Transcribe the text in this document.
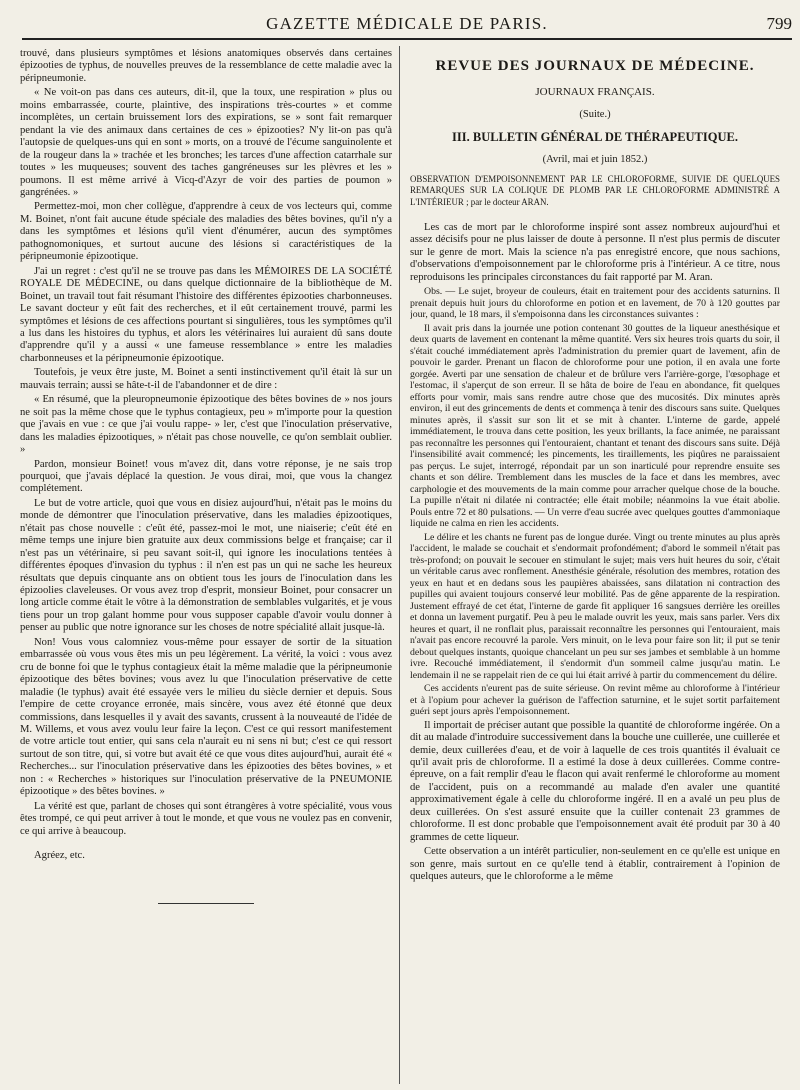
GAZETTE MÉDICALE DE PARIS.	799

trouvé, dans plusieurs symptômes et lésions anatomiques observés dans certaines épizooties de typhus, de nouvelles preuves de la ressemblance de cette maladie avec la péripneumonie.

« Ne voit-on pas dans ces auteurs, dit-il, que la toux, une respiration » plus ou moins embarrassée, courte, plaintive, des inspirations très-courtes » et comme incomplètes, un certain bruissement lors des expirations, se » sont fait remarquer pendant la vie des animaux dans certaines de ces » épizooties? N'y lit-on pas qu'à l'autopsie de quelques-uns qui en sont » morts, on a trouvé de l'écume sanguinolente et de la rougeur dans la » trachée et les bronches; les tarces d'une affection catarrhale sur toutes » les muqueuses; souvent des taches gangréneuses sur les plèvres et les » poumons. Il est même arrivé à Vicq-d'Azyr de voir des parties de poumon » gangrénées. »

Permettez-moi, mon cher collègue, d'apprendre à ceux de vos lecteurs qui, comme M. Boinet, n'ont fait aucune étude spéciale des maladies des bêtes bovines, qu'il n'y a dans les symptômes et lésions qu'il vient d'énumérer, aucun des symptômes pathognomoniques, et surtout aucune des lésions si caractéristiques de la péripneumonie épizootique.

J'ai un regret : c'est qu'il ne se trouve pas dans les MÉMOIRES DE LA SOCIÉTÉ ROYALE DE MÉDECINE, ou dans quelque dictionnaire de la bibliothèque de M. Boinet, un travail tout fait résumant l'histoire des différentes épizooties charbonneuses. Le savant docteur y eût fait des recherches, et il eût certainement trouvé, parmi les symptômes et lésions de ces affections pourtant si singulières, tous les symptômes qu'il a lus dans les histoires du typhus, et alors les vétérinaires lui auraient dû sans doute d'apprendre qu'il y a aussi « une fameuse ressemblance » entre les maladies charbonneuses et la péripneumonie épizootique.

Toutefois, je veux être juste, M. Boinet a senti instinctivement qu'il était là sur un mauvais terrain; aussi se hâte-t-il de l'abandonner et de dire :

« En résumé, que la pleuropneumonie épizootique des bêtes bovines de » nos jours ne soit pas la même chose que le typhus contagieux, peu » m'importe pour la question que j'avais en vue : ce que j'ai voulu rappe- » ler, c'est que l'inoculation préservative, dans les maladies épizootiques, » n'était pas chose nouvelle, ce qu'on semblait oublier. »

Pardon, monsieur Boinet! vous m'avez dit, dans votre réponse, je ne sais trop pourquoi, que j'avais déplacé la question. Je vous dirai, moi, que vous la changez complétement.

Le but de votre article, quoi que vous en disiez aujourd'hui, n'était pas le moins du monde de démontrer que l'inoculation préservative, dans les maladies épizootiques, n'était pas chose nouvelle : c'eût été, passez-moi le mot, une niaiserie; c'eût été en même temps une injure bien gratuite aux deux commissions belge et française; car il n'est pas un vétérinaire, si peu savant soit-il, qui ignore les inoculations tentées à différentes époques d'invasion du typhus : il n'en est pas un qui ne sache les heureux résultats que depuis cinquante ans on obtient tous les jours de l'inoculation dans les épizoolies claveleuses. Or vous avez trop d'esprit, monsieur Boinet, pour consacrer un long article comme était le vôtre à la démonstration de semblables vulgarités, et je vous tiens pour un trop galant homme pour vous supposer capable d'avoir voulu donner à penser au public que notre ignorance sur les choses de notre spécialité allait jusque-là.

Non! Vous vous calomniez vous-même pour essayer de sortir de la situation embarrassée où vous vous êtes mis un peu légèrement. La vérité, la voici : vous avez cru de bonne foi que le typhus contagieux était la même maladie que la péripneumonie épizootique des bêtes bovines; vous avez lu que l'inoculation préservative de cette maladie (le typhus) avait été essayée vers le milieu du siècle dernier et depuis. Sous l'empire de cette croyance erronée, mais sincère, vous avez été étonné que deux commissions, dans lesquelles il y avait des savants, crussent à la nouveauté de l'idée de M. Willems, et vous avez voulu leur faire la leçon. C'est ce qui ressort manifestement de votre article tout entier, qui sans cela n'aurait eu ni sens ni but; c'est ce qui ressort surtout de son titre, qui, si votre but avait été ce que vous dites aujourd'hui, aurait été « Recherches... sur l'inoculation préservative dans les épizooties des bêtes bovines, » et non : « Recherches » historiques sur l'inoculation préservative de la PNEUMONIE épizootique » des bêtes bovines. »

La vérité est que, parlant de choses qui sont étrangères à votre spécialité, vous vous êtes trompé, ce qui peut arriver à tout le monde, et que vous ne voulez pas en convenir, ce qui arrive à beaucoup.

Agréez, etc.

REVUE DES JOURNAUX DE MÉDECINE.
JOURNAUX FRANÇAIS.
(Suite.)
III. BULLETIN GÉNÉRAL DE THÉRAPEUTIQUE.
(Avril, mai et juin 1852.)
OBSERVATION D'EMPOISONNEMENT PAR LE CHLOROFORME, SUIVIE DE QUELQUES REMARQUES SUR LA COLIQUE DE PLOMB PAR LE CHLOROFORME ADMINISTRÉ A L'INTÉRIEUR ; par le docteur ARAN.

Les cas de mort par le chloroforme inspiré sont assez nombreux aujourd'hui et assez décisifs pour ne plus laisser de doute à personne. Il n'est plus permis de discuter sur le genre de mort. Mais la science n'a pas enregistré encore, que nous sachions, d'observations d'empoisonnement par le chloroforme pris à l'intérieur. A ce titre, nous reproduisons les principales circonstances du fait rapporté par M. Aran.

Obs. — Le sujet, broyeur de couleurs, était en traitement pour des accidents saturnins. Il prenait depuis huit jours du chloroforme en potion et en lavement, de 70 à 120 gouttes par jour, quand, le 18 mars, il s'empoisonna dans les circonstances suivantes :

Il avait pris dans la journée une potion contenant 30 gouttes de la liqueur anesthésique et deux quarts de lavement en contenant la même quantité. Vers six heures trois quarts du soir, il s'était couché immédiatement après l'administration du premier quart de lavement, afin de pouvoir le garder. Prenant un flacon de chloroforme pour une potion, il en avala une forte gorgée. Averti par une sensation de chaleur et de brûlure vers l'arrière-gorge, l'œsophage et l'estomac, il s'aperçut de son erreur. Il se hâta de boire de l'eau en abondance, fit quelques efforts pour vomir, mais sans rendre autre chose que des mucosités. Dix minutes après environ, il eut des grincements de dents et commença à tenir des discours sans suite. Quelques minutes après, il s'assit sur son lit et se mit à chanter. L'interne de garde, appelé immédiatement, le trouva dans cette position, les yeux brillants, la face animée, ne paraissant pas reconnaître les personnes qui l'entouraient, chantant et tenant des discours sans suite. Déjà l'insensibilité avait commencé; les pincements, les tiraillements, les piqûres ne paraissaient pas perçus. Le sujet, interrogé, répondait par un son inarticulé pour reprendre ensuite ses chants et son délire. Tremblement dans les muscles de la face et dans les membres, avec carphologie et des mouvements de la main comme pour arracher quelque chose de la bouche. La pupille n'était ni dilatée ni contractée; elle était mobile; néanmoins la vue était abolie. Pouls entre 72 et 80 pulsations. — Un verre d'eau sucrée avec quelques gouttes d'ammoniaque liquide ne calma en rien les accidents.

Le délire et les chants ne furent pas de longue durée. Vingt ou trente minutes au plus après l'accident, le malade se couchait et s'endormait profondément; d'abord le sommeil n'était pas très-profond; on pouvait le secouer en stimulant le sujet; mais vers huit heures du soir, c'était un véritable carus avec ronflement. Anesthésie générale, résolution des membres, rotation des yeux en haut et en dedans sous les paupières abaissées, sans dilatation ni contraction des pupilles qui avaient toujours conservé leur mobilité. Pas de gêne apparente de la respiration. Justement effrayé de cet état, l'interne de garde fit appliquer 16 sangsues derrière les oreilles et donna un lavement purgatif. Peu à peu le malade ouvrit les yeux, mais sans parler. Vers dix heures et quart, il ne ronflait plus, paraissait reconnaître les personnes qui l'entouraient, mais n'avait pas encore recouvré la parole. Vers minuit, on le leva pour faire son lit; il put se tenir debout quelques instants, quoique chancelant un peu sur ses jambes et semblable à un homme ivre. Recouché immédiatement, il s'endormit d'un sommeil calme jusqu'au matin. Le lendemain il ne se rappelait rien de ce qui lui était arrivé à partir du commencement du délire.

Ces accidents n'eurent pas de suite sérieuse. On revint même au chloroforme à l'intérieur et à l'opium pour achever la guérison de l'affection saturnine, et le sujet sortit parfaitement guéri sept jours après l'empoisonnement.

Il importait de préciser autant que possible la quantité de chloroforme ingérée. On a dit au malade d'introduire successivement dans la bouche une cuillerée, une cuillerée et demie, deux cuillerées d'eau, et de voir à laquelle de ces trois quantités il évaluait ce qu'il avait pris de chloroforme. Il a estimé la dose à deux cuillerées. Comme contre-épreuve, on a fait remplir d'eau le flacon qui avait renfermé le chloroforme au moment de l'accident, puis on a recommandé au malade d'en avaler une quantité approximativement égale à celle du chloroforme ingéré. Il en a avalé un peu plus de deux cuillerées. On s'est assuré ensuite que la cuiller contenait 23 grammes de chloroforme. Il est donc probable que l'empoisonnement avait été produit par 30 à 40 grammes de cette liqueur.

Cette observation a un intérêt particulier, non-seulement en ce qu'elle est unique en son genre, mais surtout en ce qu'elle tend à établir, contrairement à l'opinion de quelques auteurs, que le chloroforme a le même
